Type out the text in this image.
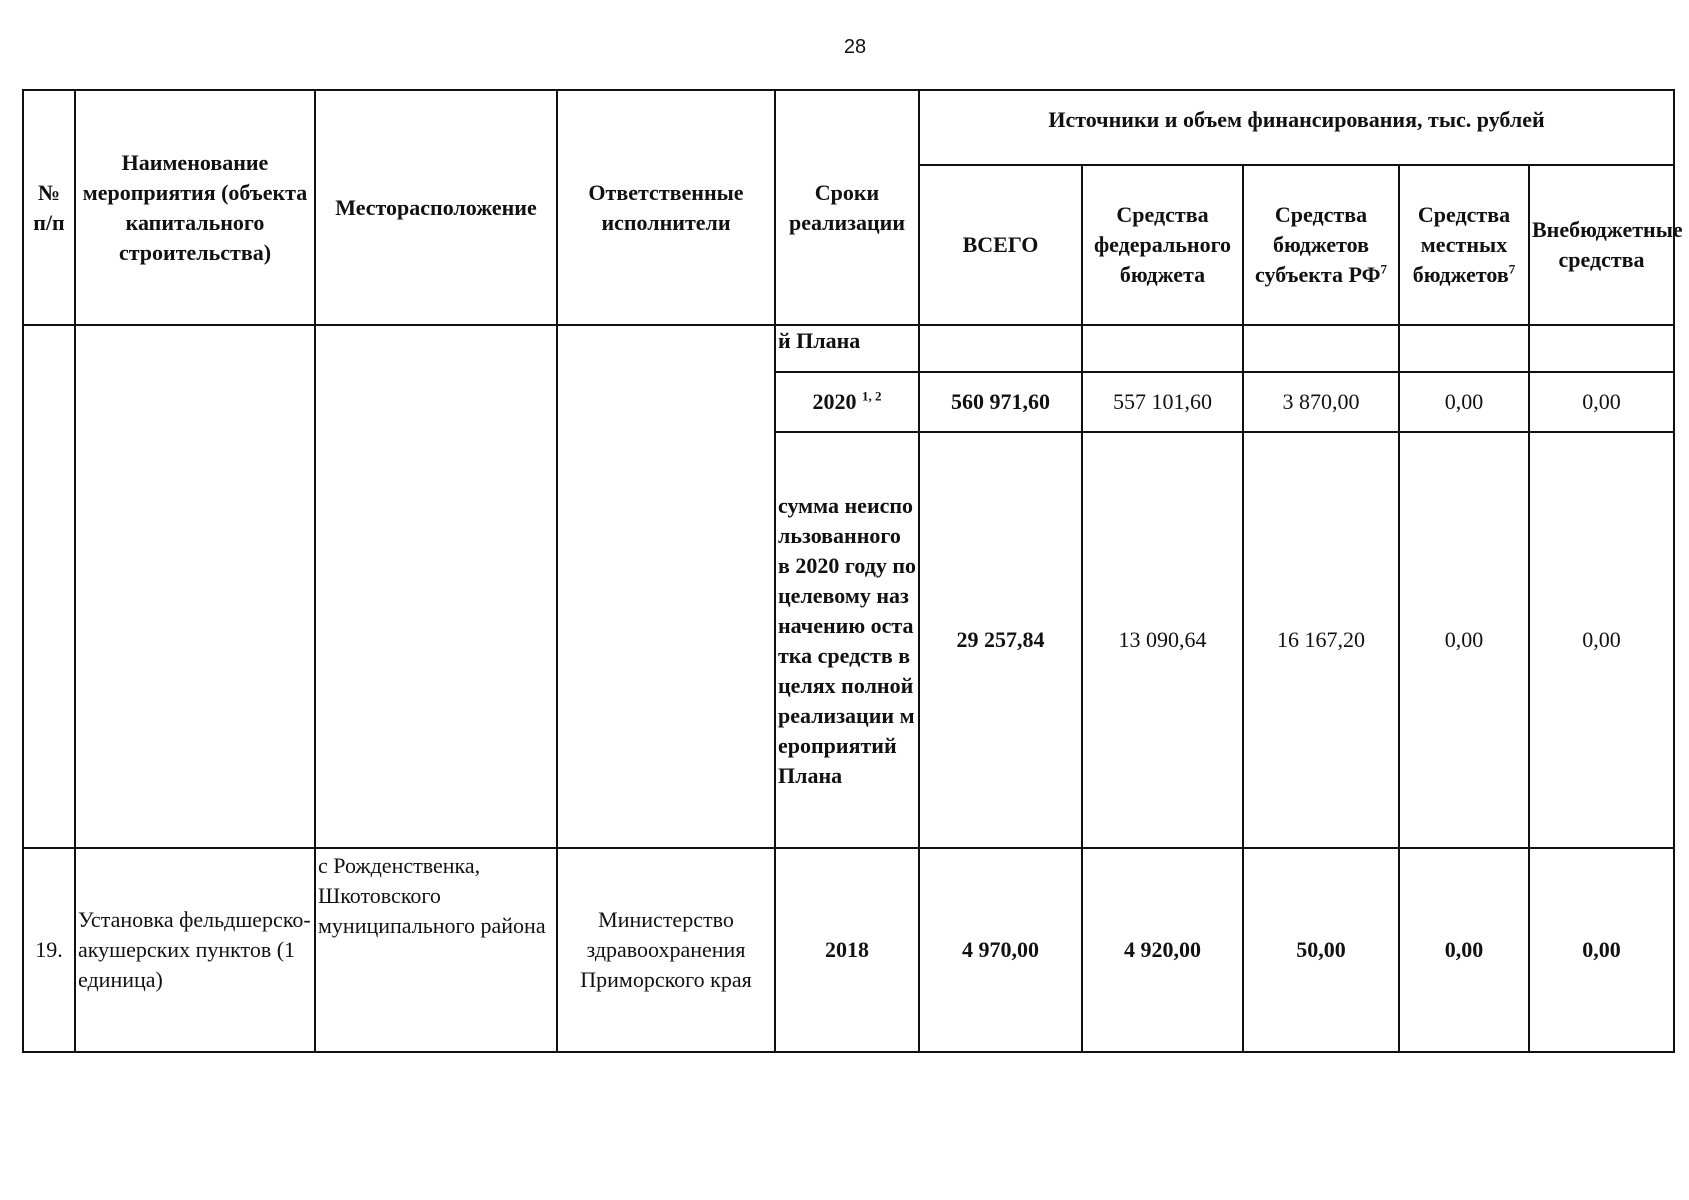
28
№ п/п	Наименование мероприятия (объекта капитального строительства)	Месторасположение	Ответственные исполнители	Сроки реализации	Источники и объем финансирования, тыс. рублей				
					ВСЕГО	Средства федерального бюджета	Средства бюджетов субъекта $РФ^7$	Средства местных бюджетов$^7$	Внебюджетные средства
				й Плана					
				2020 $^{1, 2}$	560 971,60	557 101,60	3 870,00	0,00	0,00
				сумма неиспользованного в 2020 году по целевому назначению остатка средств в целях полной реализации мероприятий Плана	29 257,84	13 090,64	16 167,20	0,00	0,00
19.	Установка фельдшерско-акушерских пунктов (1 единица)	с Рожденственка, Шкотовского муниципального района	Министерство здравоохранения Приморского края	2018	4 970,00	4 920,00	50,00	0,00	0,00
